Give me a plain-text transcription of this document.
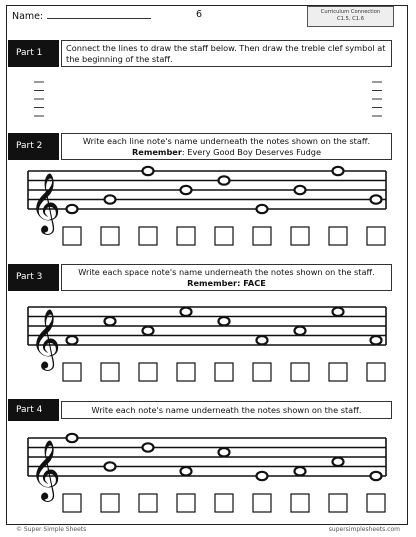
Name:	6	Curriculum Connection
C1.5, C1.6
Part 1	Connect the lines to draw the staff below. Then draw the treble clef symbol at the beginning of the staff.
Part 2	Write each line note's name underneath the notes shown on the staff.
Remember: Every Good Boy Deserves Fudge
Part 3	Write each space note's name underneath the notes shown on the staff.
Remember: FACE
Part 4	Write each note's name underneath the notes shown on the staff.
𝄞
𝄞
𝄞
© Super Simple Sheets	supersimplesheets.com
